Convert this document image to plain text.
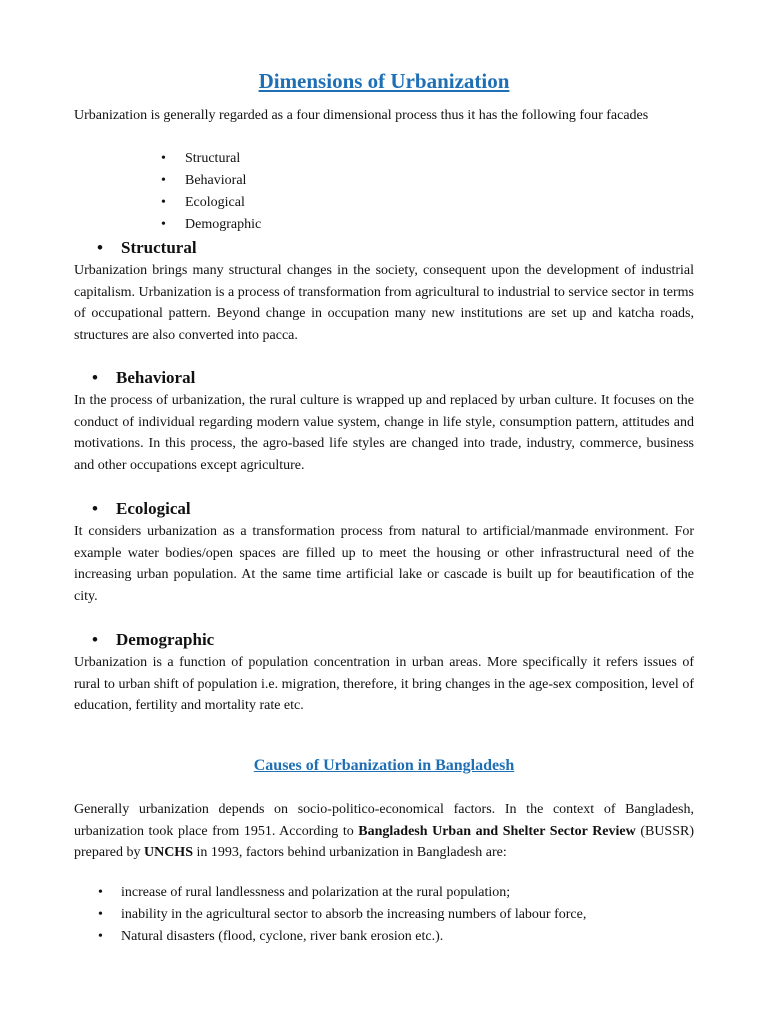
Dimensions of Urbanization
Urbanization is generally regarded as a four dimensional process thus it has the following four facades
• Structural
• Behavioral
• Ecological
• Demographic
• Structural
Urbanization brings many structural changes in the society, consequent upon the development of industrial capitalism. Urbanization is a process of transformation from agricultural to industrial to service sector in terms of occupational pattern. Beyond change in occupation many new institutions are set up and katcha roads, structures are also converted into pacca.
• Behavioral
In the process of urbanization, the rural culture is wrapped up and replaced by urban culture. It focuses on the conduct of individual regarding modern value system, change in life style, consumption pattern, attitudes and motivations. In this process, the agro-based life styles are changed into trade, industry, commerce, business and other occupations except agriculture.
• Ecological
It considers urbanization as a transformation process from natural to artificial/manmade environment. For example water bodies/open spaces are filled up to meet the housing or other infrastructural need of the increasing urban population. At the same time artificial lake or cascade is built up for beautification of the city.
• Demographic
Urbanization is a function of population concentration in urban areas. More specifically it refers issues of rural to urban shift of population i.e. migration, therefore, it bring changes in the age-sex composition, level of education, fertility and mortality rate etc.
Causes of Urbanization in Bangladesh
Generally urbanization depends on socio-politico-economical factors. In the context of Bangladesh, urbanization took place from 1951. According to Bangladesh Urban and Shelter Sector Review (BUSSR) prepared by UNCHS in 1993, factors behind urbanization in Bangladesh are:
• increase of rural landlessness and polarization at the rural population;
• inability in the agricultural sector to absorb the increasing numbers of labour force,
• Natural disasters (flood, cyclone, river bank erosion etc.).
